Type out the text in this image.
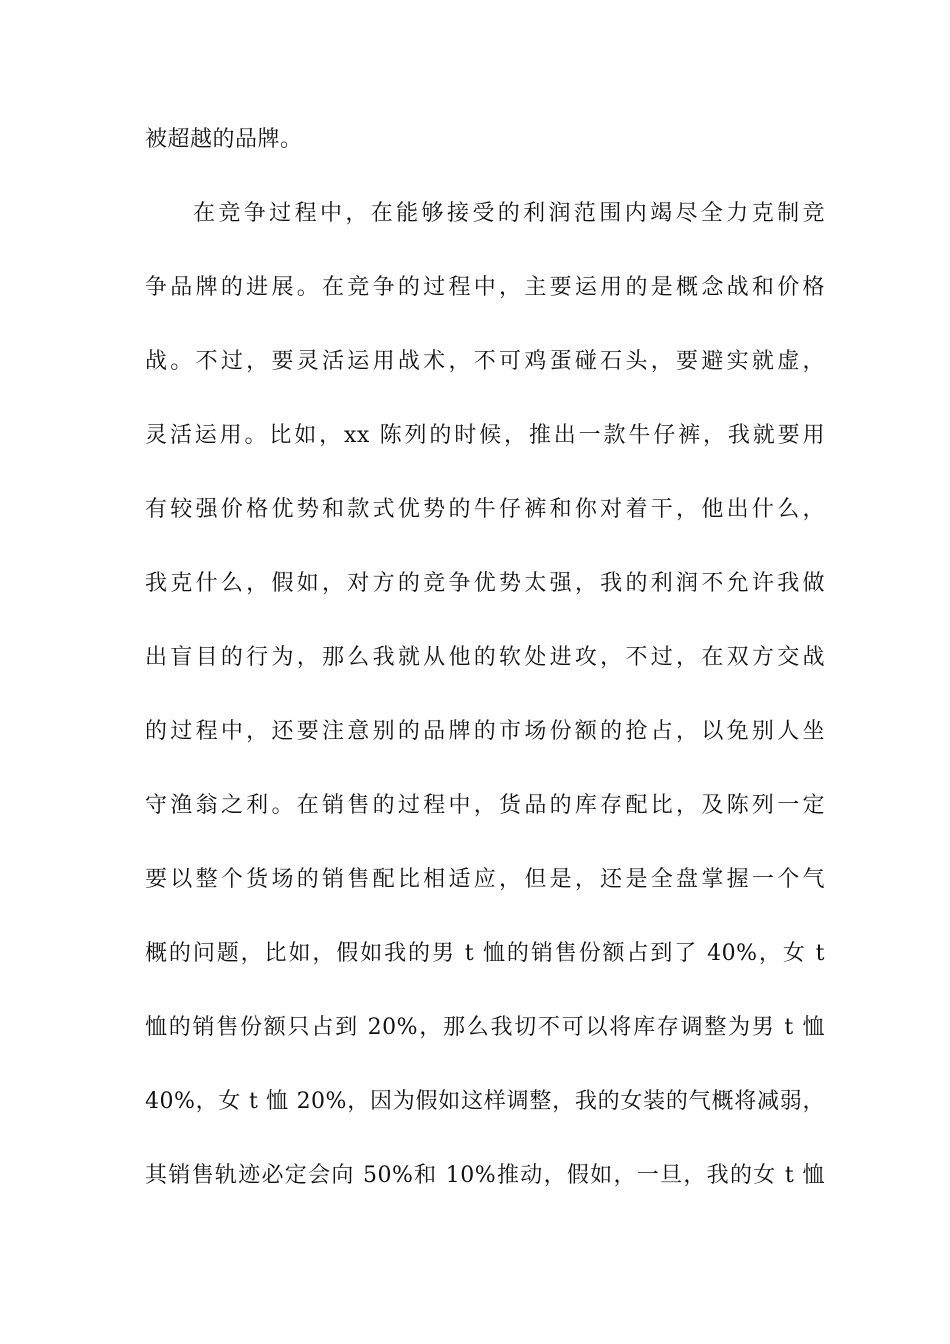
被超越的品牌。
在竞争过程中，在能够接受的利润范围内竭尽全力克制竞
争品牌的进展。在竞争的过程中，主要运用的是概念战和价格
战。不过，要灵活运用战术，不可鸡蛋碰石头，要避实就虚，
灵活运用。比如，xx 陈列的时候，推出一款牛仔裤，我就要用
有较强价格优势和款式优势的牛仔裤和你对着干，他出什么，
我克什么，假如，对方的竞争优势太强，我的利润不允许我做
出盲目的行为，那么我就从他的软处进攻，不过，在双方交战
的过程中，还要注意别的品牌的市场份额的抢占，以免别人坐
守渔翁之利。在销售的过程中，货品的库存配比，及陈列一定
要以整个货场的销售配比相适应，但是，还是全盘掌握一个气
概的问题，比如，假如我的男 t 恤的销售份额占到了 40%，女 t
恤的销售份额只占到 20%，那么我切不可以将库存调整为男 t 恤
40%，女 t 恤 20%，因为假如这样调整，我的女装的气概将减弱，
其销售轨迹必定会向 50%和 10%推动，假如，一旦，我的女 t 恤
